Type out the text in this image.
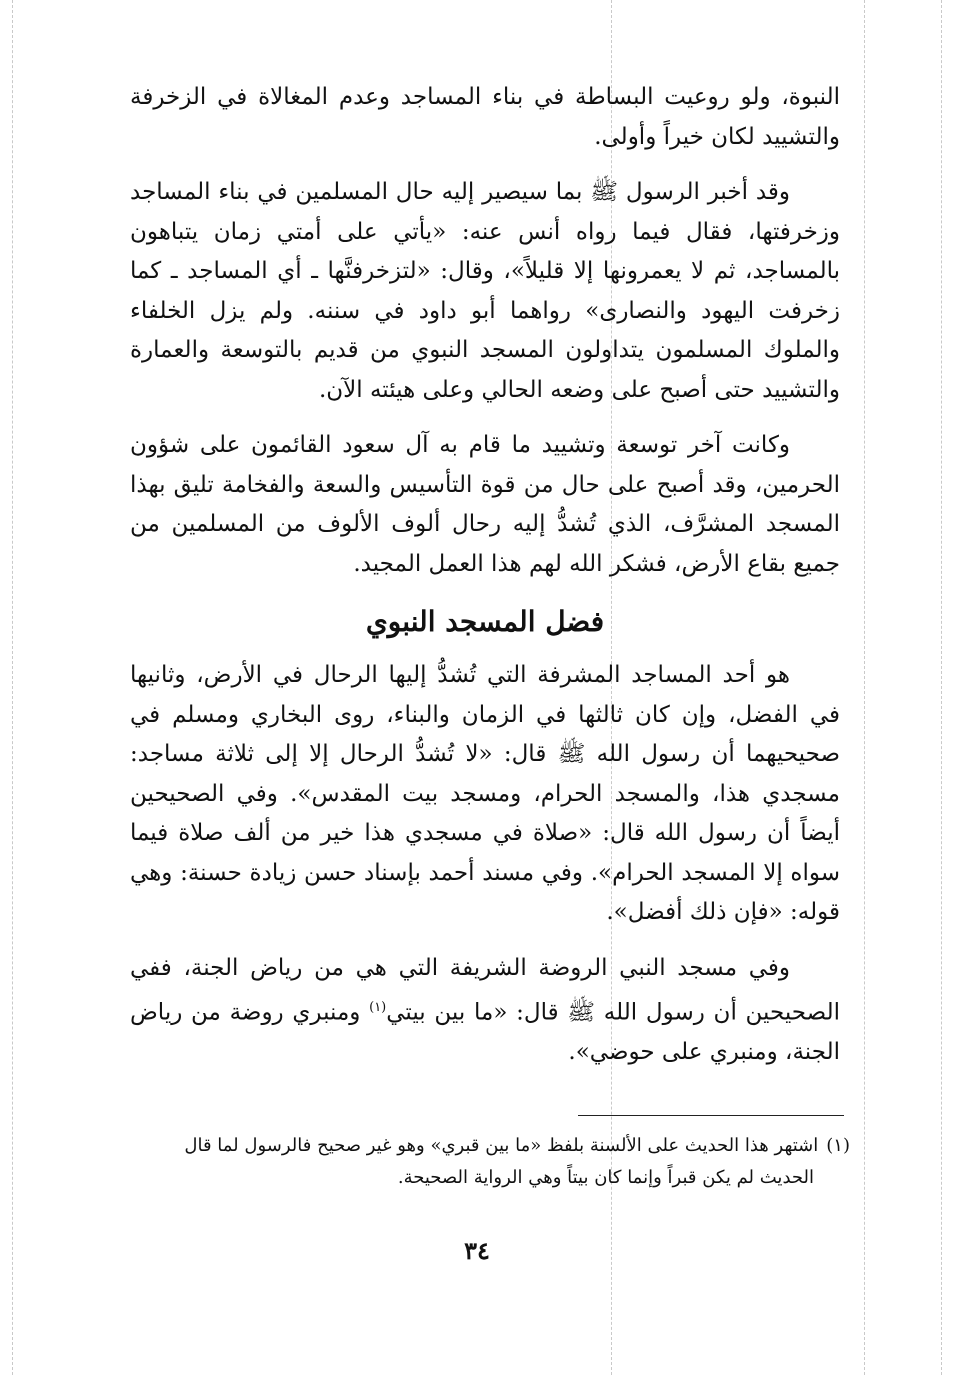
النبوة، ولو روعيت البساطة في بناء المساجد وعدم المغالاة في الزخرفة والتشييد لكان خيراً وأولى.

وقد أخبر الرسول ﷺ بما سيصير إليه حال المسلمين في بناء المساجد وزخرفتها، فقال فيما رواه أنس عنه: «يأتي على أمتي زمان يتباهون بالمساجد، ثم لا يعمرونها إلا قليلاً»، وقال: «لتزخرفنَّها ـ أي المساجد ـ كما زخرفت اليهود والنصارى» رواهما أبو داود في سننه. ولم يزل الخلفاء والملوك المسلمون يتداولون المسجد النبوي من قديم بالتوسعة والعمارة والتشييد حتى أصبح على وضعه الحالي وعلى هيئته الآن.

وكانت آخر توسعة وتشييد ما قام به آل سعود القائمون على شؤون الحرمين، وقد أصبح على حال من قوة التأسيس والسعة والفخامة تليق بهذا المسجد المشرَّف، الذي تُشدُّ إليه رحال ألوف الألوف من المسلمين من جميع بقاع الأرض، فشكر الله لهم هذا العمل المجيد.

فضل المسجد النبوي

هو أحد المساجد المشرفة التي تُشدُّ إليها الرحال في الأرض، وثانيها في الفضل، وإن كان ثالثها في الزمان والبناء، روى البخاري ومسلم في صحيحيهما أن رسول الله ﷺ قال: «لا تُشدُّ الرحال إلا إلى ثلاثة مساجد: مسجدي هذا، والمسجد الحرام، ومسجد بيت المقدس». وفي الصحيحين أيضاً أن رسول الله قال: «صلاة في مسجدي هذا خير من ألف صلاة فيما سواه إلا المسجد الحرام». وفي مسند أحمد بإسناد حسن زيادة حسنة: وهي قوله: «فإن ذلك أفضل».

وفي مسجد النبي الروضة الشريفة التي هي من رياض الجنة، ففي الصحيحين أن رسول الله ﷺ قال: «ما بين بيتي$^{(١)}$ ومنبري روضة من رياض الجنة، ومنبري على حوضي».

(١)اشتهر هذا الحديث على الألسنة بلفظ «ما بين قبري» وهو غير صحيح فالرسول لما قال
الحديث لم يكن قبراً وإنما كان بيتاً وهي الرواية الصحيحة.
٣٤
